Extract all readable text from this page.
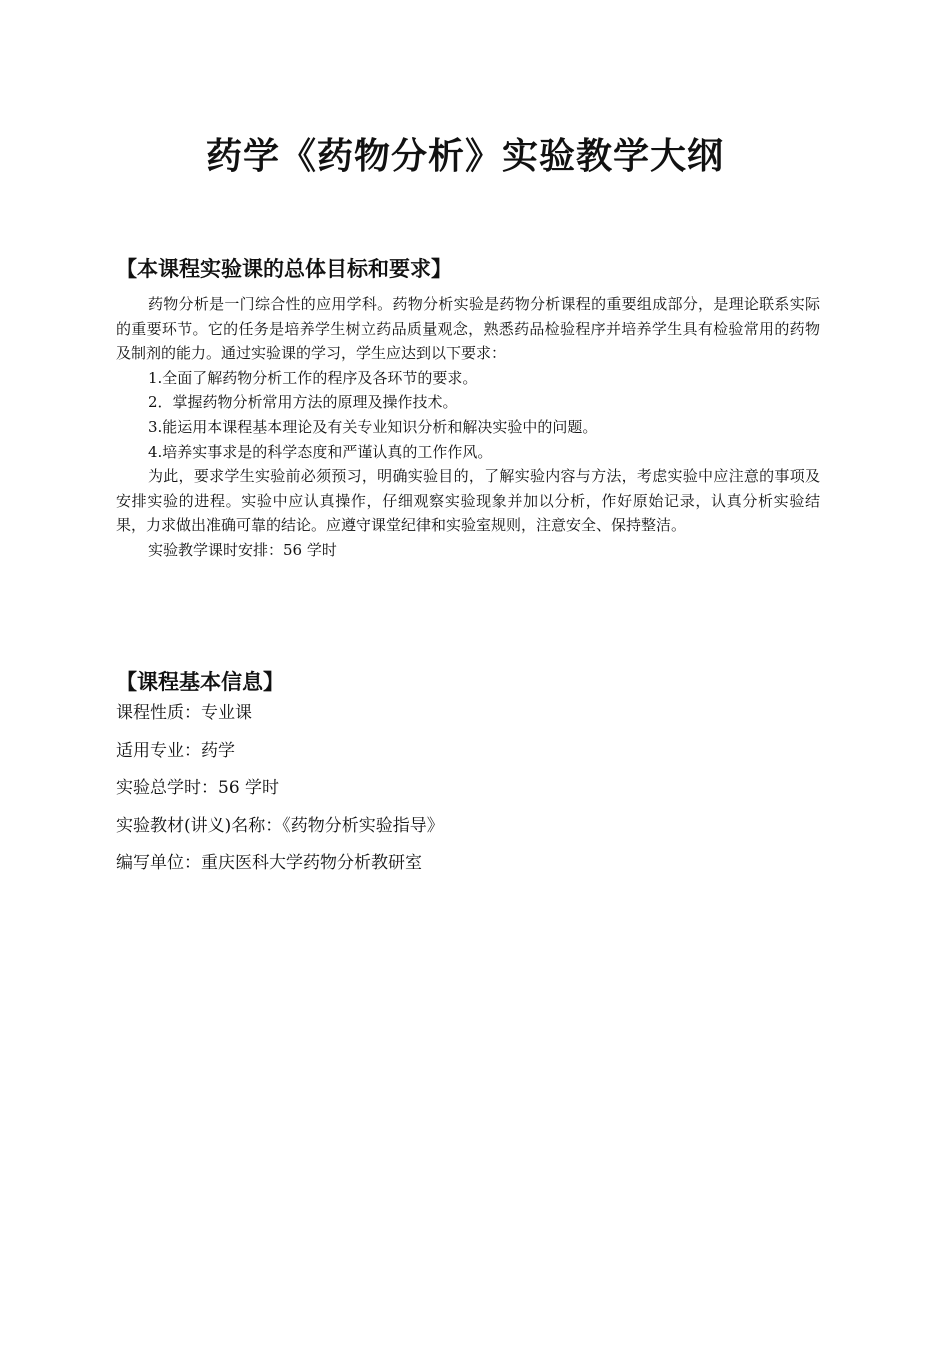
药学《药物分析》实验教学大纲
【本课程实验课的总体目标和要求】

药物分析是一门综合性的应用学科。药物分析实验是药物分析课程的重要组成部分，是理论联系实际的重要环节。它的任务是培养学生树立药品质量观念，熟悉药品检验程序并培养学生具有检验常用的药物及制剂的能力。通过实验课的学习，学生应达到以下要求：

1.全面了解药物分析工作的程序及各环节的要求。

2．掌握药物分析常用方法的原理及操作技术。

3.能运用本课程基本理论及有关专业知识分析和解决实验中的问题。

4.培养实事求是的科学态度和严谨认真的工作作风。

为此，要求学生实验前必须预习，明确实验目的，了解实验内容与方法，考虑实验中应注意的事项及安排实验的进程。实验中应认真操作，仔细观察实验现象并加以分析，作好原始记录，认真分析实验结果，力求做出准确可靠的结论。应遵守课堂纪律和实验室规则，注意安全、保持整洁。

实验教学课时安排：56 学时

【课程基本信息】
课程性质：专业课
适用专业：药学
实验总学时：56 学时
实验教材(讲义)名称：《药物分析实验指导》
编写单位：重庆医科大学药物分析教研室
